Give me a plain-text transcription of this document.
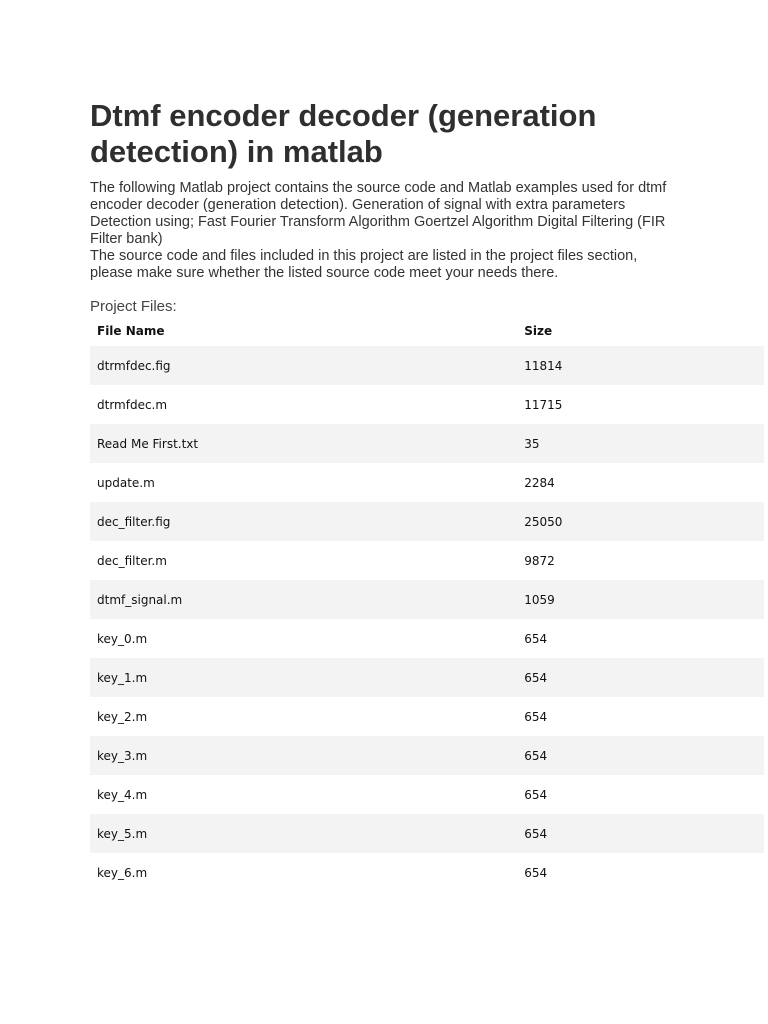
Dtmf encoder decoder (generation detection) in matlab

The following Matlab project contains the source code and Matlab examples used for dtmf encoder decoder (generation detection). Generation of signal with extra parameters Detection using; Fast Fourier Transform Algorithm Goertzel Algorithm Digital Filtering (FIR Filter bank)

The source code and files included in this project are listed in the project files section, please make sure whether the listed source code meet your needs there.

Project Files:
File Name	Size
dtrmfdec.fig	11814
dtrmfdec.m	11715
Read Me First.txt	35
update.m	2284
dec_filter.fig	25050
dec_filter.m	9872
dtmf_signal.m	1059
key_0.m	654
key_1.m	654
key_2.m	654
key_3.m	654
key_4.m	654
key_5.m	654
key_6.m	654
